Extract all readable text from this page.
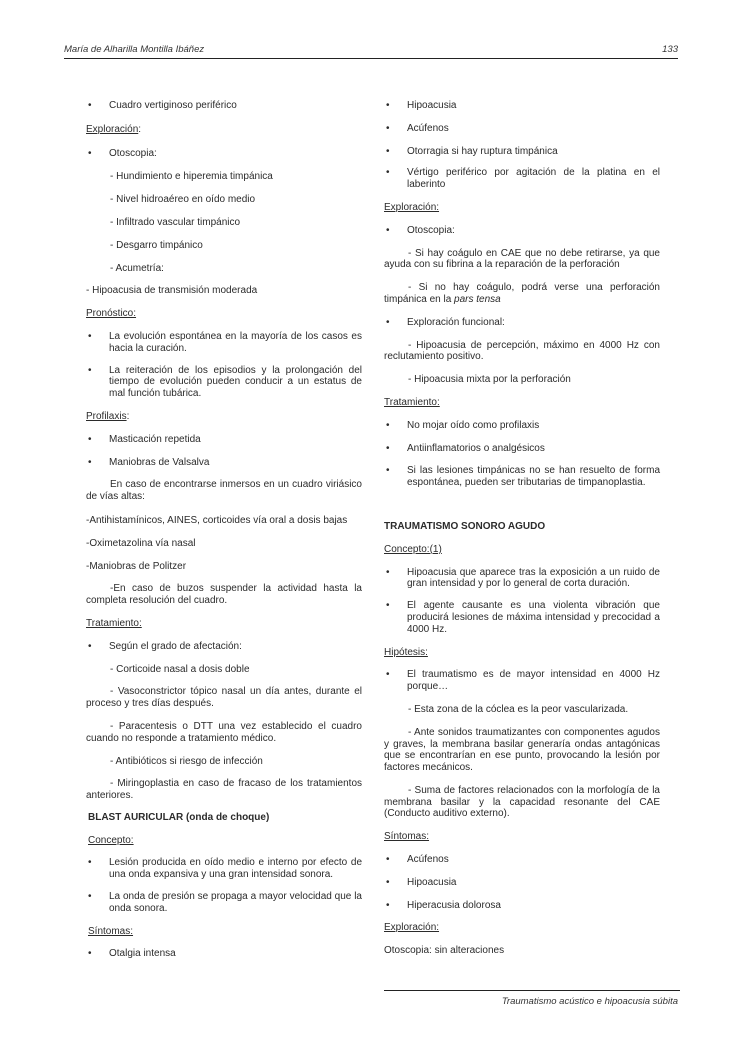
María de Alharilla Montilla Ibáñez	133
• Cuadro vertiginoso periférico
Exploración:
• Otoscopia:
- Hundimiento e hiperemia timpánica
- Nivel hidroaéreo en oído medio
- Infiltrado vascular timpánico
- Desgarro timpánico
- Acumetría:
- Hipoacusia de transmisión moderada
Pronóstico:
• La evolución espontánea en la mayoría de los casos es hacia la curación.
• La reiteración de los episodios y la prolongación del tiempo de evolución pueden conducir a un estatus de mal función tubárica.
Profilaxis:
• Masticación repetida
• Maniobras de Valsalva
En caso de encontrarse inmersos en un cuadro viriásico de vías altas:
-Antihistamínicos, AINES, corticoides vía oral a dosis bajas
-Oximetazolina vía nasal
-Maniobras de Politzer
-En caso de buzos suspender la actividad hasta la completa resolución del cuadro.
Tratamiento:
• Según el grado de afectación:
- Corticoide nasal a dosis doble
- Vasoconstrictor tópico nasal un día antes, durante el proceso y tres días después.
- Paracentesis o DTT una vez establecido el cuadro cuando no responde a tratamiento médico.
- Antibióticos si riesgo de infección
- Miringoplastia en caso de fracaso de los tratamientos anteriores.
BLAST AURICULAR (onda de choque)
Concepto:
• Lesión producida en oído medio e interno por efecto de una onda expansiva y una gran intensidad sonora.
• La onda de presión se propaga a mayor velocidad que la onda sonora.
Síntomas:
• Otalgia intensa
• Hipoacusia
• Acúfenos
• Otorragia si hay ruptura timpánica
• Vértigo periférico por agitación de la platina en el laberinto
Exploración:
• Otoscopia:
- Si hay coágulo en CAE que no debe retirarse, ya que ayuda con su fibrina a la reparación de la perforación
- Si no hay coágulo, podrá verse una perforación timpánica en la pars tensa
• Exploración funcional:
- Hipoacusia de percepción, máximo en 4000 Hz con reclutamiento positivo.
- Hipoacusia mixta por la perforación
Tratamiento:
• No mojar oído como profilaxis
• Antiinflamatorios o analgésicos
• Si las lesiones timpánicas no se han resuelto de forma espontánea, pueden ser tributarias de timpanoplastia.
TRAUMATISMO SONORO AGUDO
Concepto:(1)
• Hipoacusia que aparece tras la exposición a un ruido de gran intensidad y por lo general de corta duración.
• El agente causante es una violenta vibración que producirá lesiones de máxima intensidad y precocidad a 4000 Hz.
Hipótesis:
• El traumatismo es de mayor intensidad en 4000 Hz porque…
- Esta zona de la cóclea es la peor vascularizada.
- Ante sonidos traumatizantes con componentes agudos y graves, la membrana basilar generaría ondas antagónicas que se encontrarían en ese punto, provocando la lesión por factores mecánicos.
- Suma de factores relacionados con la morfología de la membrana basilar y la capacidad resonante del CAE (Conducto auditivo externo).
Síntomas:
• Acúfenos
• Hipoacusia
• Hiperacusia dolorosa
Exploración:
Otoscopia: sin alteraciones
Traumatismo acústico e hipoacusia súbita
